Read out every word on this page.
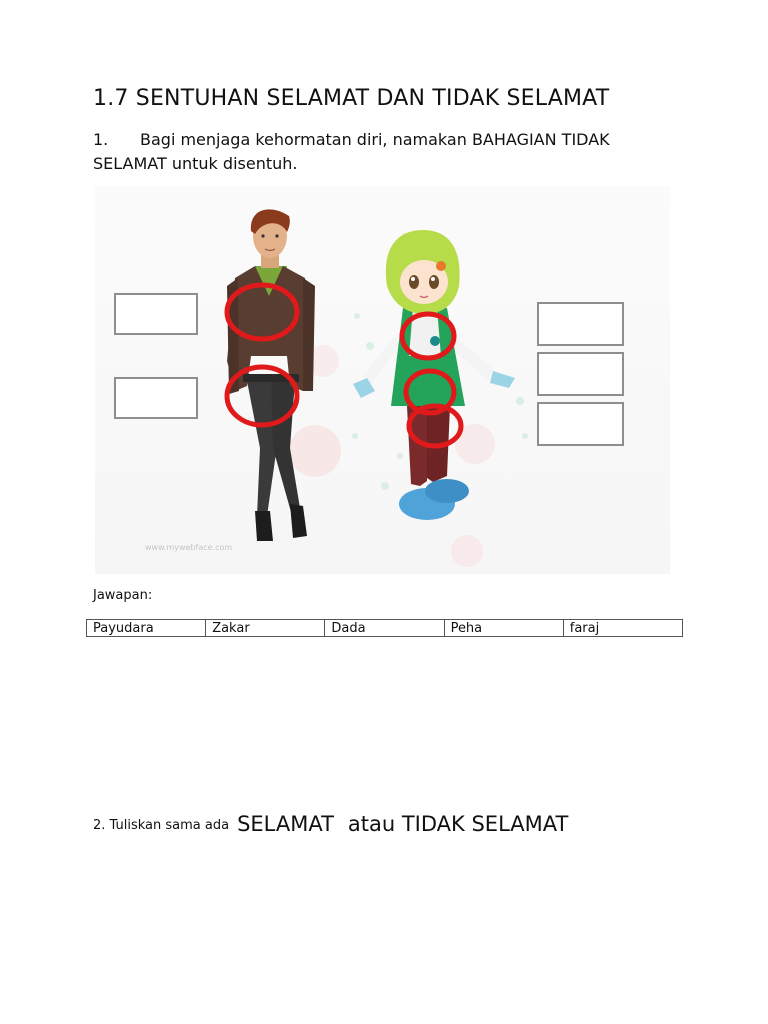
1.7 SENTUHAN SELAMAT DAN TIDAK SELAMAT
1. Bagi menjaga kehormatan diri, namakan BAHAGIAN TIDAK
SELAMAT untuk disentuh.
www.mywebface.com
Jawapan:
Payudara	Zakar	Dada	Peha	faraj
2. Tuliskan sama ada SELAMAT atau TIDAK SELAMAT
